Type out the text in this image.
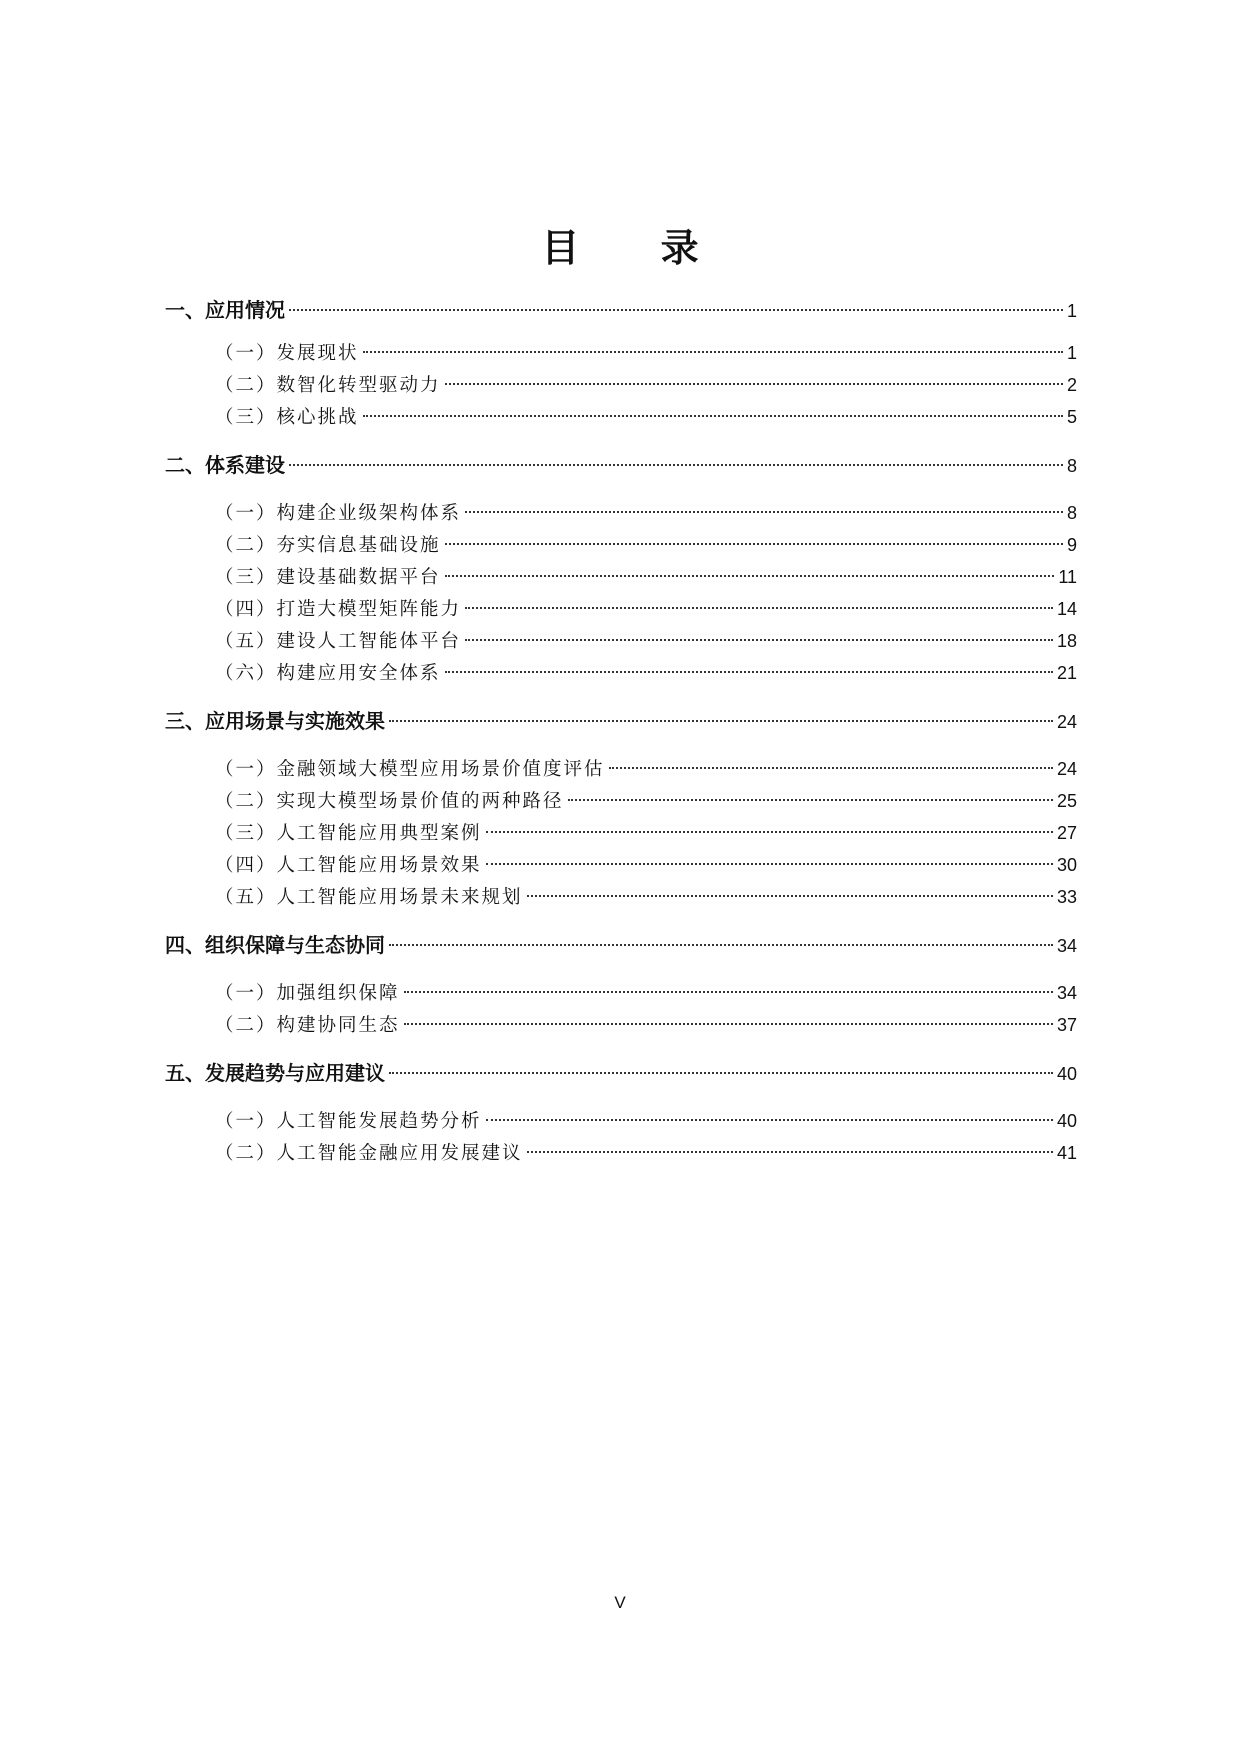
目 录
一、应用情况	1
（一）发展现状	1
（二）数智化转型驱动力	2
（三）核心挑战	5
二、体系建设	8
（一）构建企业级架构体系	8
（二）夯实信息基础设施	9
（三）建设基础数据平台	11
（四）打造大模型矩阵能力	14
（五）建设人工智能体平台	18
（六）构建应用安全体系	21
三、应用场景与实施效果	24
（一）金融领域大模型应用场景价值度评估	24
（二）实现大模型场景价值的两种路径	25
（三）人工智能应用典型案例	27
（四）人工智能应用场景效果	30
（五）人工智能应用场景未来规划	33
四、组织保障与生态协同	34
（一）加强组织保障	34
（二）构建协同生态	37
五、发展趋势与应用建议	40
（一）人工智能发展趋势分析	40
（二）人工智能金融应用发展建议	41
V
